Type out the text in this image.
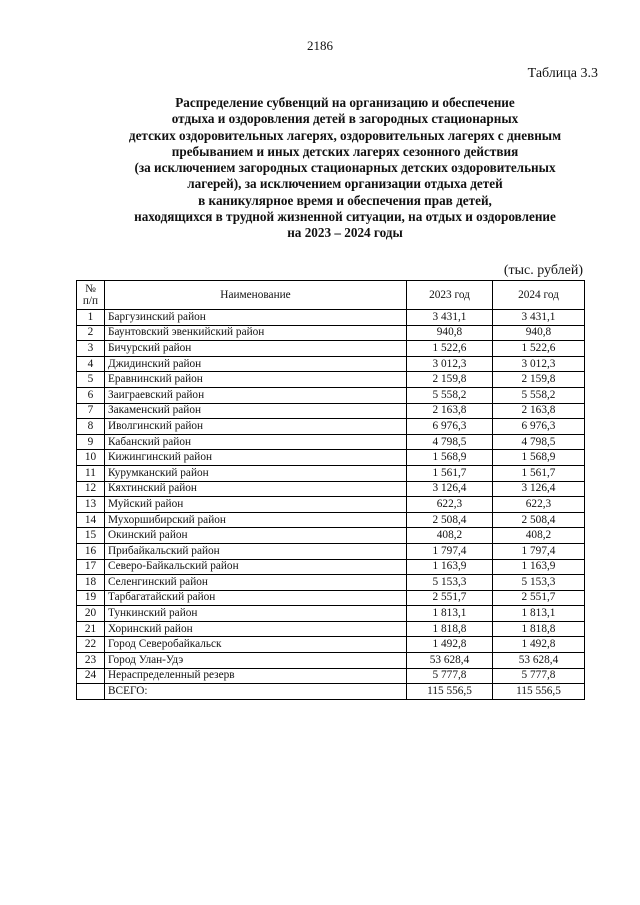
2186
Таблица 3.3
Распределение субвенций на организацию и обеспечение
отдыха и оздоровления детей в загородных стационарных
детских оздоровительных лагерях, оздоровительных лагерях с дневным
пребыванием и иных детских лагерях сезонного действия
(за исключением загородных стационарных детских оздоровительных
лагерей), за исключением организации отдыха детей
в каникулярное время и обеспечения прав детей,
находящихся в трудной жизненной ситуации, на отдых и оздоровление
на 2023 – 2024 годы
(тыс. рублей)
№
п/п	Наименование	2023 год	2024 год
1	Баргузинский район	3 431,1	3 431,1
2	Баунтовский эвенкийский район	940,8	940,8
3	Бичурский район	1 522,6	1 522,6
4	Джидинский район	3 012,3	3 012,3
5	Еравнинский район	2 159,8	2 159,8
6	Заиграевский район	5 558,2	5 558,2
7	Закаменский район	2 163,8	2 163,8
8	Иволгинский район	6 976,3	6 976,3
9	Кабанский район	4 798,5	4 798,5
10	Кижингинский район	1 568,9	1 568,9
11	Курумканский район	1 561,7	1 561,7
12	Кяхтинский район	3 126,4	3 126,4
13	Муйский район	622,3	622,3
14	Мухоршибирский район	2 508,4	2 508,4
15	Окинский район	408,2	408,2
16	Прибайкальский район	1 797,4	1 797,4
17	Северо-Байкальский район	1 163,9	1 163,9
18	Селенгинский район	5 153,3	5 153,3
19	Тарбагатайский район	2 551,7	2 551,7
20	Тункинский район	1 813,1	1 813,1
21	Хоринский район	1 818,8	1 818,8
22	Город Северобайкальск	1 492,8	1 492,8
23	Город Улан-Удэ	53 628,4	53 628,4
24	Нераспределенный резерв	5 777,8	5 777,8
	ВСЕГО:	115 556,5	115 556,5
